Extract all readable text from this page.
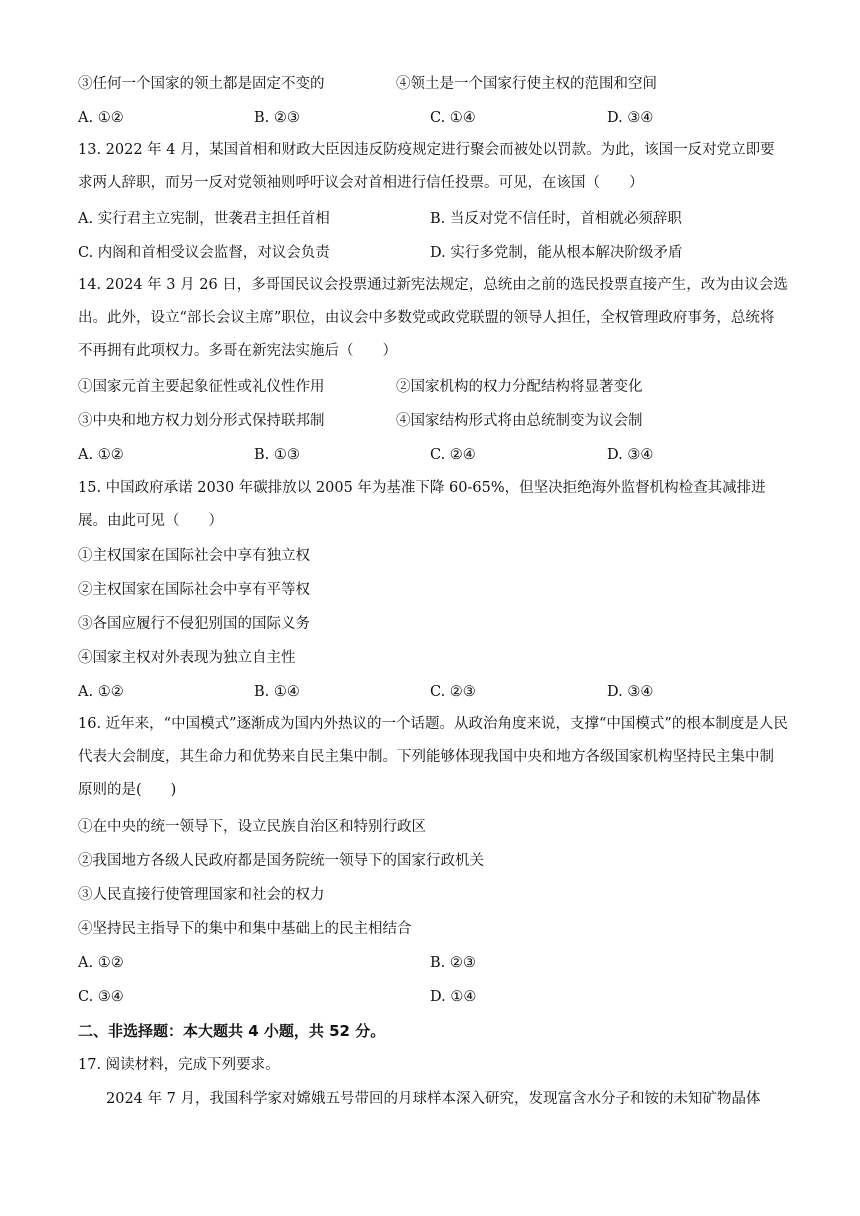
③任何一个国家的领土都是固定不变的	④领土是一个国家行使主权的范围和空间
A. ①②	B. ②③	C. ①④	D. ③④
13. 2022 年 4 月，某国首相和财政大臣因违反防疫规定进行聚会而被处以罚款。为此，该国一反对党立即要求两人辞职，而另一反对党领袖则呼吁议会对首相进行信任投票。可见，在该国（　　）
A. 实行君主立宪制，世袭君主担任首相	B. 当反对党不信任时，首相就必须辞职
C. 内阁和首相受议会监督，对议会负责	D. 实行多党制，能从根本解决阶级矛盾
14. 2024 年 3 月 26 日，多哥国民议会投票通过新宪法规定，总统由之前的选民投票直接产生，改为由议会选出。此外，设立“部长会议主席”职位，由议会中多数党或政党联盟的领导人担任，全权管理政府事务，总统将不再拥有此项权力。多哥在新宪法实施后（　　）
①国家元首主要起象征性或礼仪性作用	②国家机构的权力分配结构将显著变化
③中央和地方权力划分形式保持联邦制	④国家结构形式将由总统制变为议会制
A. ①②	B. ①③	C. ②④	D. ③④
15. 中国政府承诺 2030 年碳排放以 2005 年为基准下降 60-65%，但坚决拒绝海外监督机构检查其减排进展。由此可见（　　）
①主权国家在国际社会中享有独立权
②主权国家在国际社会中享有平等权
③各国应履行不侵犯别国的国际义务
④国家主权对外表现为独立自主性
A. ①②	B. ①④	C. ②③	D. ③④
16. 近年来，“中国模式”逐渐成为国内外热议的一个话题。从政治角度来说，支撑“中国模式”的根本制度是人民代表大会制度，其生命力和优势来自民主集中制。下列能够体现我国中央和地方各级国家机构坚持民主集中制原则的是(　　)
①在中央的统一领导下，设立民族自治区和特别行政区
②我国地方各级人民政府都是国务院统一领导下的国家行政机关
③人民直接行使管理国家和社会的权力
④坚持民主指导下的集中和集中基础上的民主相结合
A. ①②	B. ②③
C. ③④	D. ①④
二、非选择题：本大题共 4 小题，共 52 分。
17. 阅读材料，完成下列要求。
2024 年 7 月，我国科学家对嫦娥五号带回的月球样本深入研究，发现富含水分子和铵的未知矿物晶体
